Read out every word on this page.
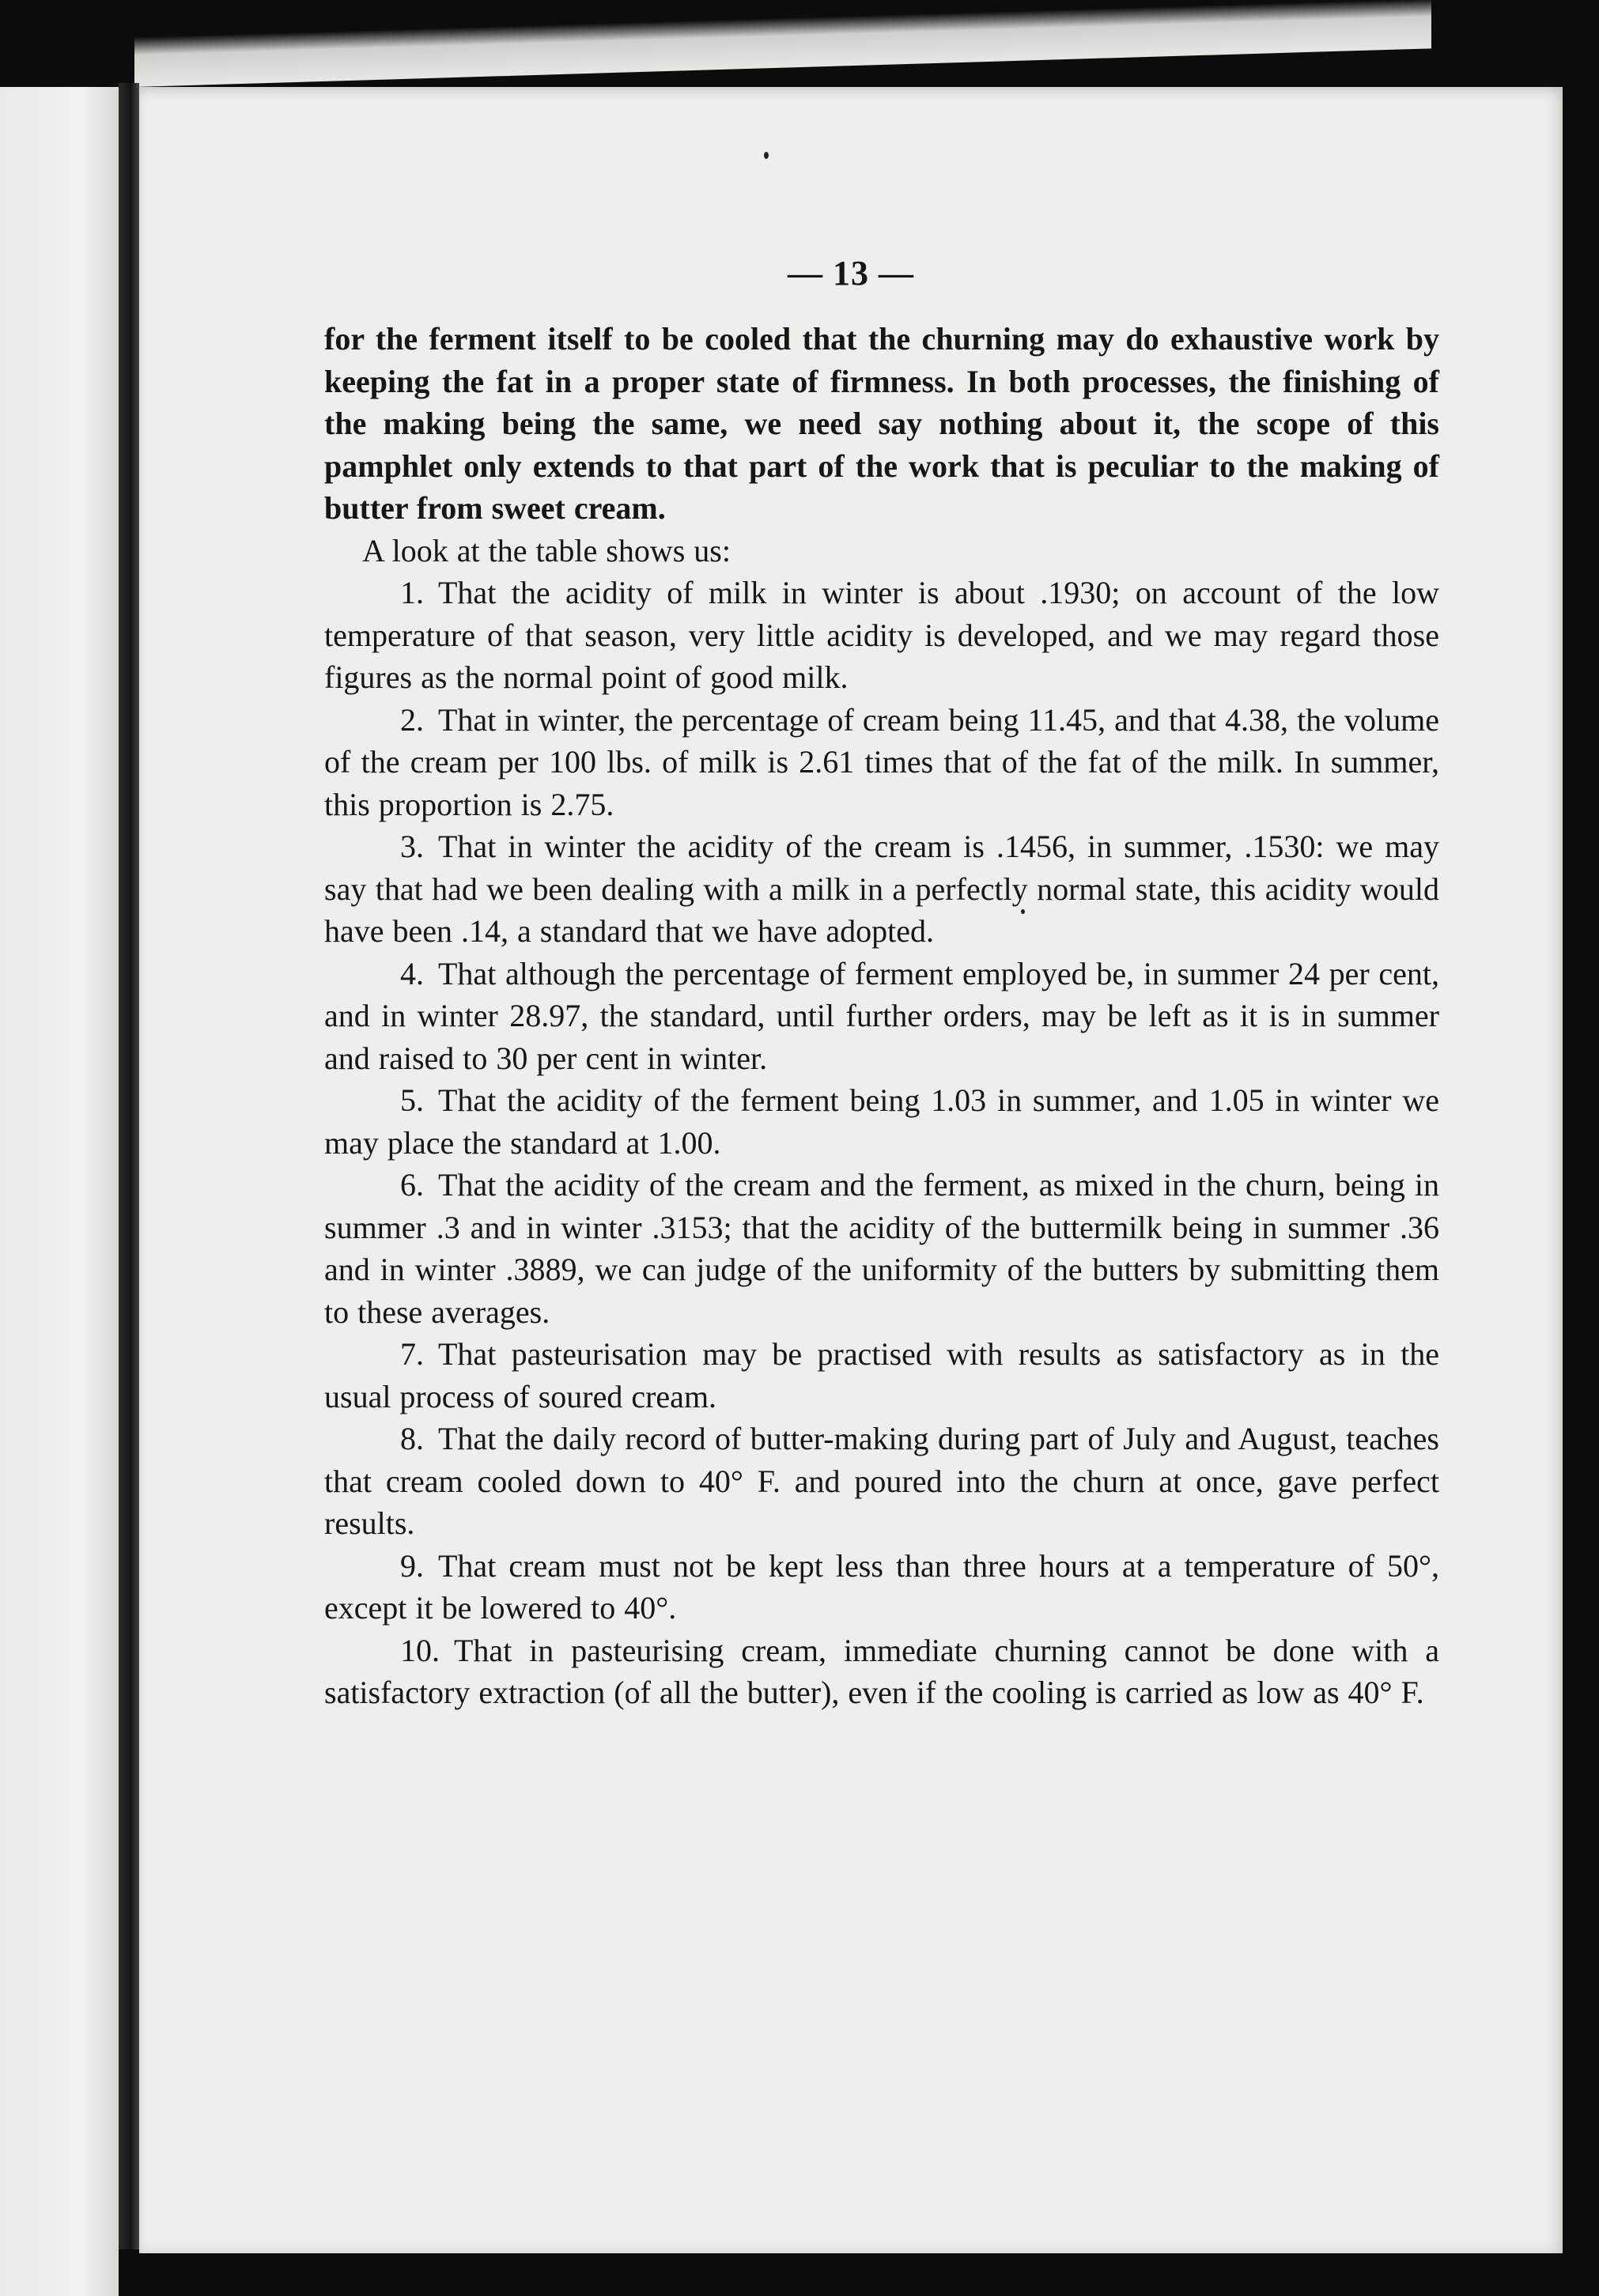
— 13 —

for the ferment itself to be cooled that the churning may do exhaustive work by keeping the fat in a proper state of firmness. In both processes, the finishing of the making being the same, we need say nothing about it, the scope of this pamphlet only extends to that part of the work that is peculiar to the making of butter from sweet cream.

A look at the table shows us:

1. That the acidity of milk in winter is about .1930; on account of the low temperature of that season, very little acidity is developed, and we may regard those figures as the normal point of good milk.

2. That in winter, the percentage of cream being 11.45, and that 4.38, the volume of the cream per 100 lbs. of milk is 2.61 times that of the fat of the milk. In summer, this proportion is 2.75.

3. That in winter the acidity of the cream is .1456, in summer, .1530: we may say that had we been dealing with a milk in a perfectly normal state, this acidity would have been .14, a standard that we have adopted.

4. That although the percentage of ferment employed be, in summer 24 per cent, and in winter 28.97, the standard, until further orders, may be left as it is in summer and raised to 30 per cent in winter.

5. That the acidity of the ferment being 1.03 in summer, and 1.05 in winter we may place the standard at 1.00.

6. That the acidity of the cream and the ferment, as mixed in the churn, being in summer .3 and in winter .3153; that the acidity of the buttermilk being in summer .36 and in winter .3889, we can judge of the uniformity of the butters by submitting them to these averages.

7. That pasteurisation may be practised with results as satisfactory as in the usual process of soured cream.

8. That the daily record of butter-making during part of July and August, teaches that cream cooled down to 40° F. and poured into the churn at once, gave perfect results.

9. That cream must not be kept less than three hours at a temperature of 50°, except it be lowered to 40°.

10. That in pasteurising cream, immediate churning cannot be done with a satisfactory extraction (of all the butter), even if the cooling is carried as low as 40° F.
